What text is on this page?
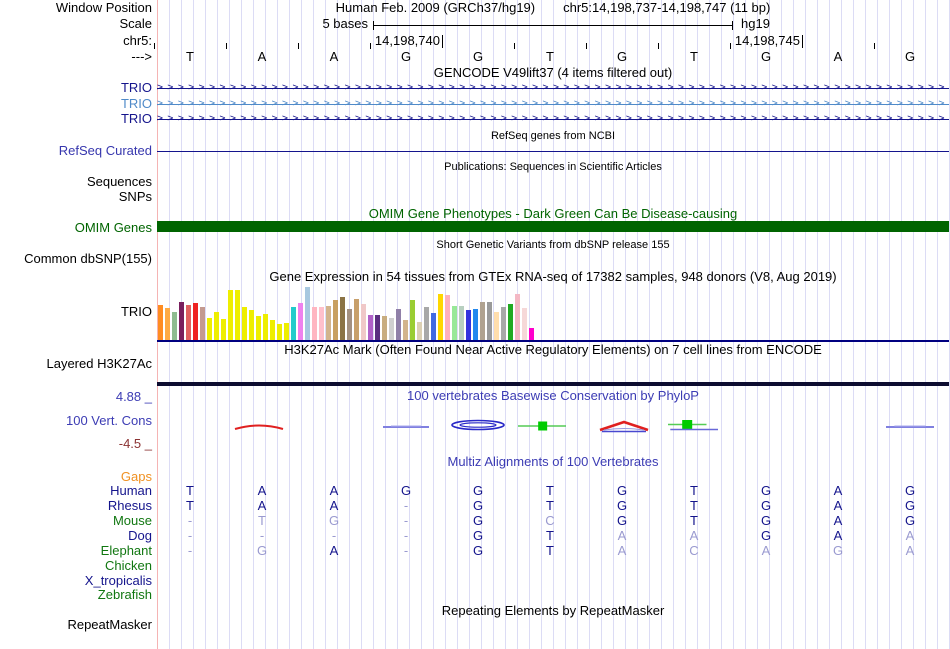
Window Position
Scale
chr5:
--->
TRIO
TRIO
TRIO
RefSeq Curated
Sequences
SNPs
OMIM Genes
Common dbSNP(155)
TRIO
Layered H3K27Ac
4.88 _
100 Vert. Cons
-4.5 _
Gaps
Human
Rhesus
Mouse
Dog
Elephant
Chicken
X_tropicalis
Zebrafish
RepeatMasker
GENCODE V49lift37 (4 items filtered out)
RefSeq genes from NCBI
Publications: Sequences in Scientific Articles
OMIM Gene Phenotypes - Dark Green Can Be Disease-causing
Short Genetic Variants from dbSNP release 155
Gene Expression in 54 tissues from GTEx RNA-seq of 17382 samples, 948 donors (V8, Aug 2019)
H3K27Ac Mark (Often Found Near Active Regulatory Elements) on 7 cell lines from ENCODE
100 vertebrates Basewise Conservation by PhyloP
Multiz Alignments of 100 Vertebrates
Repeating Elements by RepeatMasker
Human Feb. 2009 (GRCh37/hg19) chr5:14,198,737-14,198,747 (11 bp)
5 bases	hg19
14,198,740	14,198,745
T	A	A	G	G	T	G	T	G	A	G
>>>>>>>>>>>>>>>>>>>>>>>>>>>>>>>>>>>>>>>>>>>>>>>>>>>>>>>>>>>>>>>>>>>>>>>>>>>>
>>>>>>>>>>>>>>>>>>>>>>>>>>>>>>>>>>>>>>>>>>>>>>>>>>>>>>>>>>>>>>>>>>>>>>>>>>>>
>>>>>>>>>>>>>>>>>>>>>>>>>>>>>>>>>>>>>>>>>>>>>>>>>>>>>>>>>>>>>>>>>>>>>>>>>>>>
T	A	A	G	G	T	G	T	G	A	G
T	A	A	-	G	T	G	T	G	A	G
-	T	G	-	G	C	G	T	G	A	G
-	-	-	-	G	T	A	A	G	A	A
-	G	A	-	G	T	A	C	A	G	A
